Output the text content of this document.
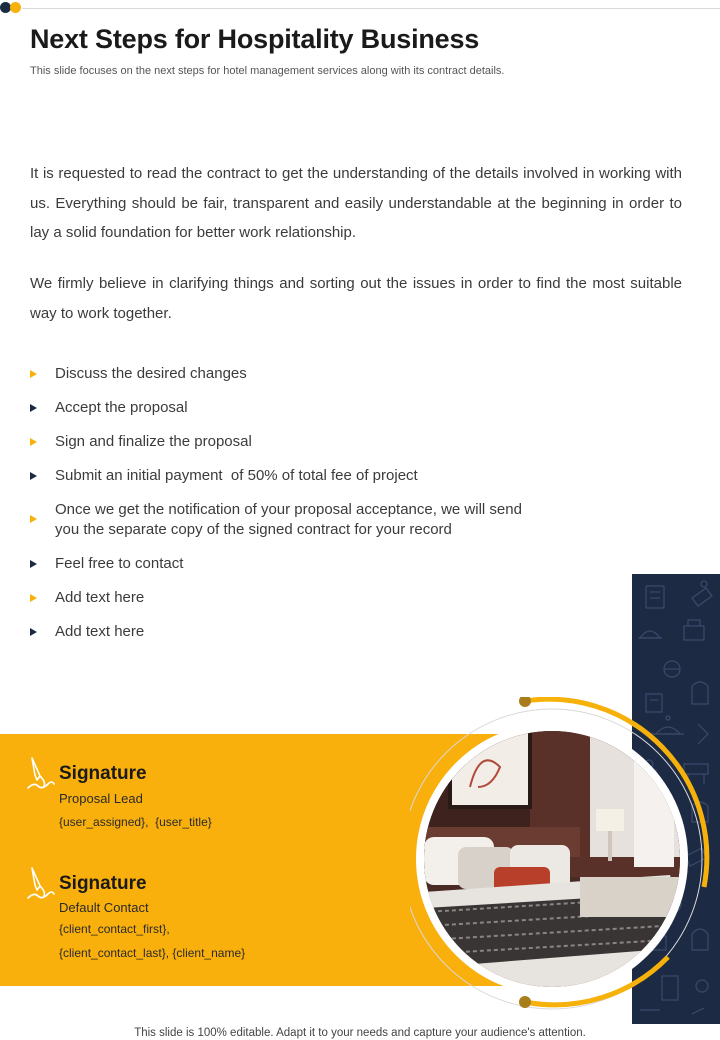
Next Steps for Hospitality Business
This slide focuses on the next steps for hotel management services along with its contract details.
It is requested to read the contract to get the understanding of the details involved in working with us. Everything should be fair, transparent and easily understandable at the beginning in order to lay a solid foundation for better work relationship.
We firmly believe in clarifying things and sorting out the issues in order to find the most suitable way to work together.
Discuss the desired changes
Accept the proposal
Sign and finalize the proposal
Submit an initial payment  of 50% of total fee of project
Once we get the notification of your proposal acceptance, we will send you the separate copy of the signed contract for your record
Feel free to contact
Add text here
Add text here
Signature
Proposal Lead
{user_assigned},  {user_title}
Signature
Default Contact
{client_contact_first},
{client_contact_last}, {client_name}
This slide is 100% editable. Adapt it to your needs and capture your audience's attention.
